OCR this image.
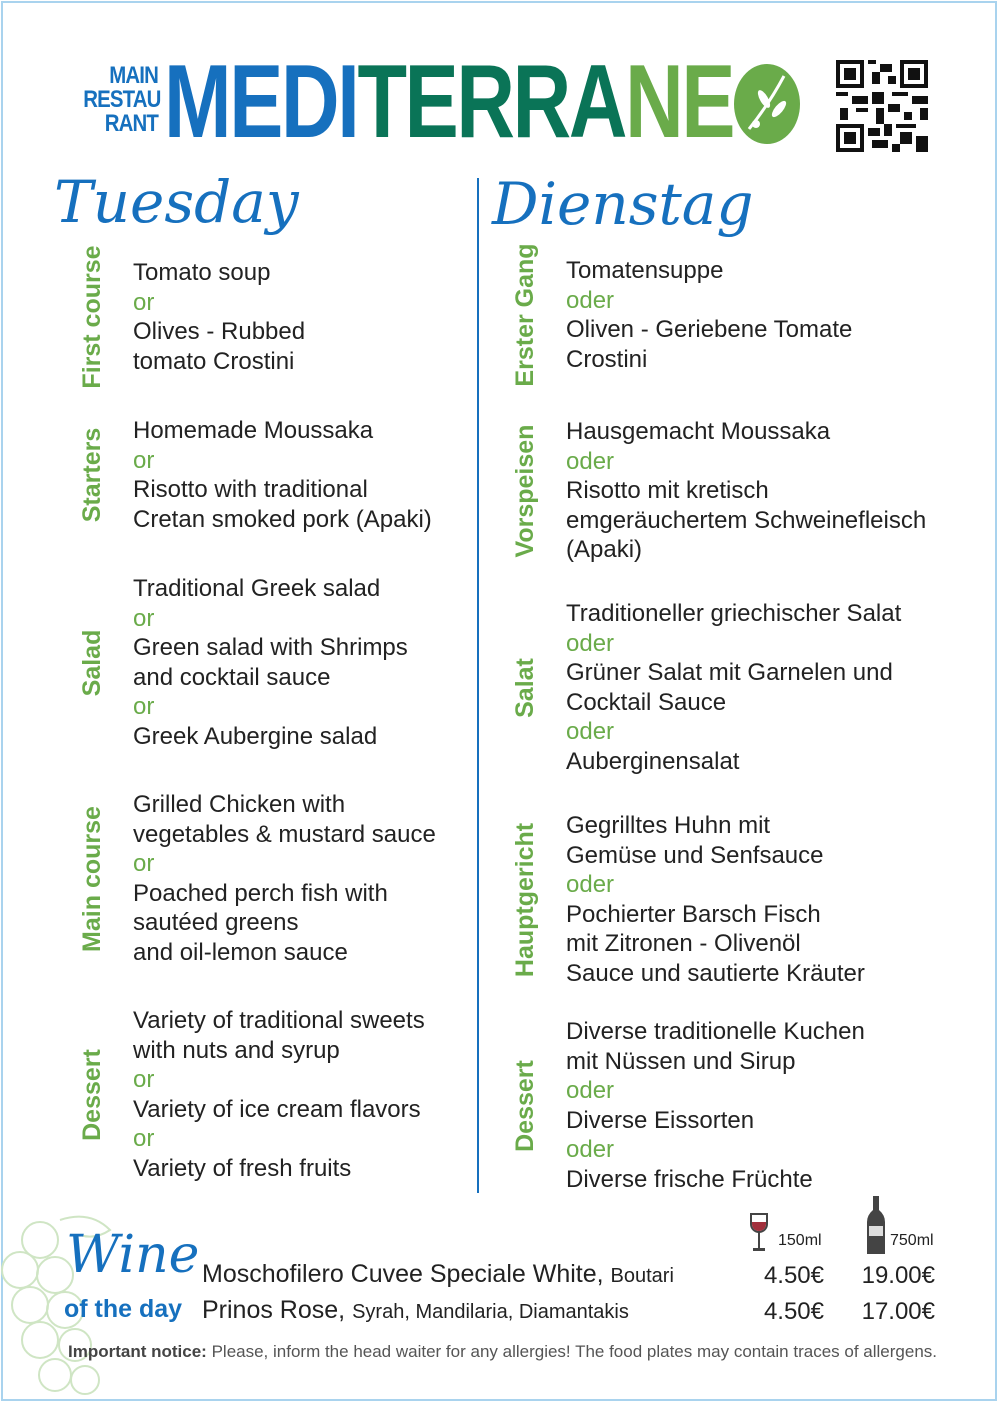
MAIN
RESTAU
RANT MEDITERRANE
Tuesday	Dienstag
Tomato soup
or
Olives - Rubbed
tomato Crostini
First course
Homemade Moussaka
or
Risotto with traditional
Cretan smoked pork (Apaki)
Starters
Traditional Greek salad
or
Green salad with Shrimps
and cocktail sauce
or
Greek Aubergine salad
Salad
Grilled Chicken with
vegetables & mustard sauce
or
Poached perch fish with
sautéed greens
and oil-lemon sauce
Main course
Variety of traditional sweets
with nuts and syrup
or
Variety of ice cream flavors
or
Variety of fresh fruits
Dessert
Tomatensuppe
oder
Oliven - Geriebene Tomate
Crostini
Erster Gang
Hausgemacht Moussaka
oder
Risotto mit kretisch
emgeräuchertem Schweinefleisch
(Apaki)
Vorspeisen
Traditioneller griechischer Salat
oder
Grüner Salat mit Garnelen und
Cocktail Sauce
oder
Auberginensalat
Salat
Gegrilltes Huhn mit
Gemüse und Senfsauce
oder
Pochierter Barsch Fisch
mit Zitronen - Olivenöl
Sauce und sautierte Kräuter
Hauptgericht
Diverse traditionelle Kuchen
mit Nüssen und Sirup
oder
Diverse Eissorten
oder
Diverse frische Früchte
Dessert
Wine
of the day
150ml	750ml
Moschofilero Cuvee Speciale White, Boutari	4.50€	19.00€
Prinos Rose, Syrah, Mandilaria, Diamantakis	4.50€	17.00€
Important notice: Please, inform the head waiter for any allergies! The food plates may contain traces of allergens.
